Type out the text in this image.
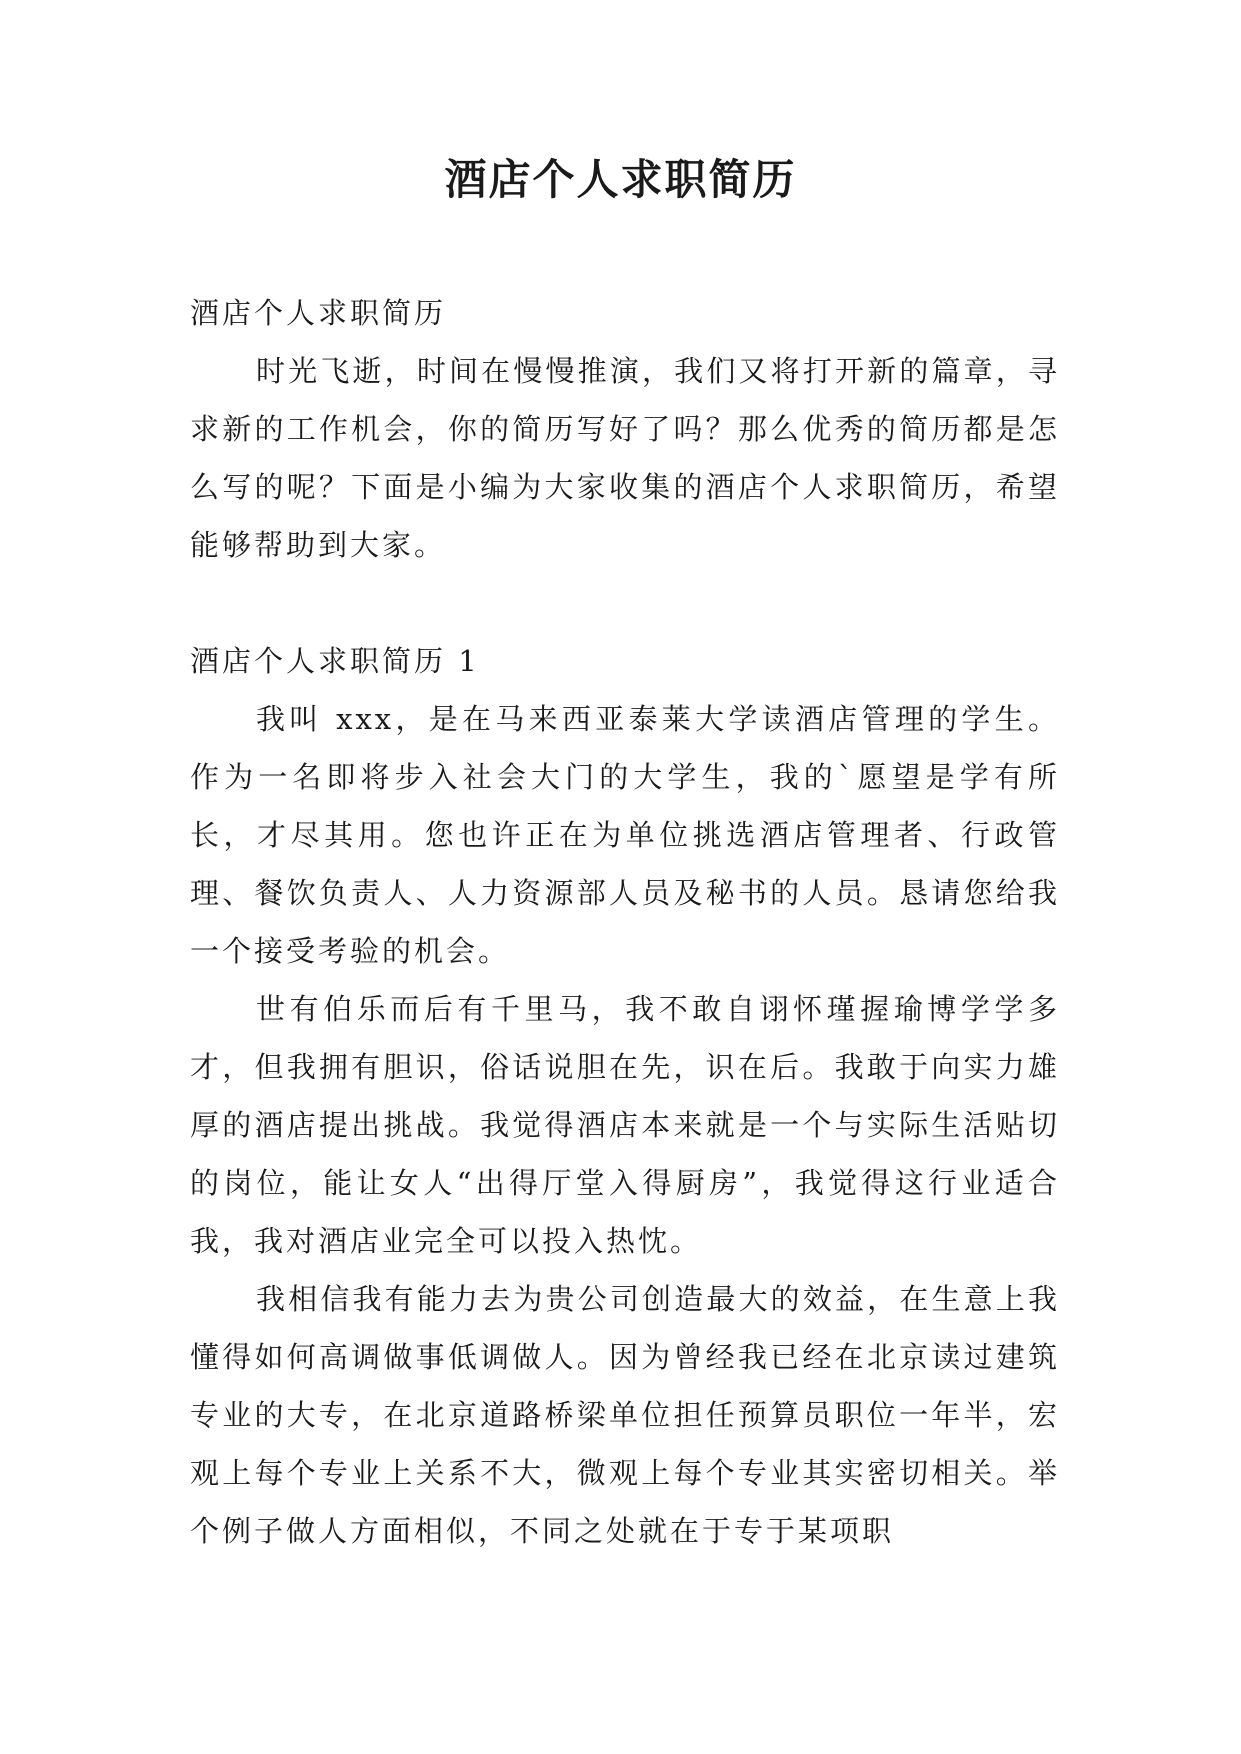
酒店个人求职简历

酒店个人求职简历

时光飞逝，时间在慢慢推演，我们又将打开新的篇章，寻求新的工作机会，你的简历写好了吗？那么优秀的简历都是怎么写的呢？下面是小编为大家收集的酒店个人求职简历，希望能够帮助到大家。

酒店个人求职简历 1

我叫 xxx，是在马来西亚泰莱大学读酒店管理的学生。作为一名即将步入社会大门的大学生，我的`愿望是学有所长，才尽其用。您也许正在为单位挑选酒店管理者、行政管理、餐饮负责人、人力资源部人员及秘书的人员。恳请您给我一个接受考验的机会。

世有伯乐而后有千里马，我不敢自诩怀瑾握瑜博学学多才，但我拥有胆识，俗话说胆在先，识在后。我敢于向实力雄厚的酒店提出挑战。我觉得酒店本来就是一个与实际生活贴切的岗位，能让女人“出得厅堂入得厨房”，我觉得这行业适合我，我对酒店业完全可以投入热忱。

我相信我有能力去为贵公司创造最大的效益，在生意上我懂得如何高调做事低调做人。因为曾经我已经在北京读过建筑专业的大专，在北京道路桥梁单位担任预算员职位一年半，宏观上每个专业上关系不大，微观上每个专业其实密切相关。举个例子做人方面相似，不同之处就在于专于某项职
